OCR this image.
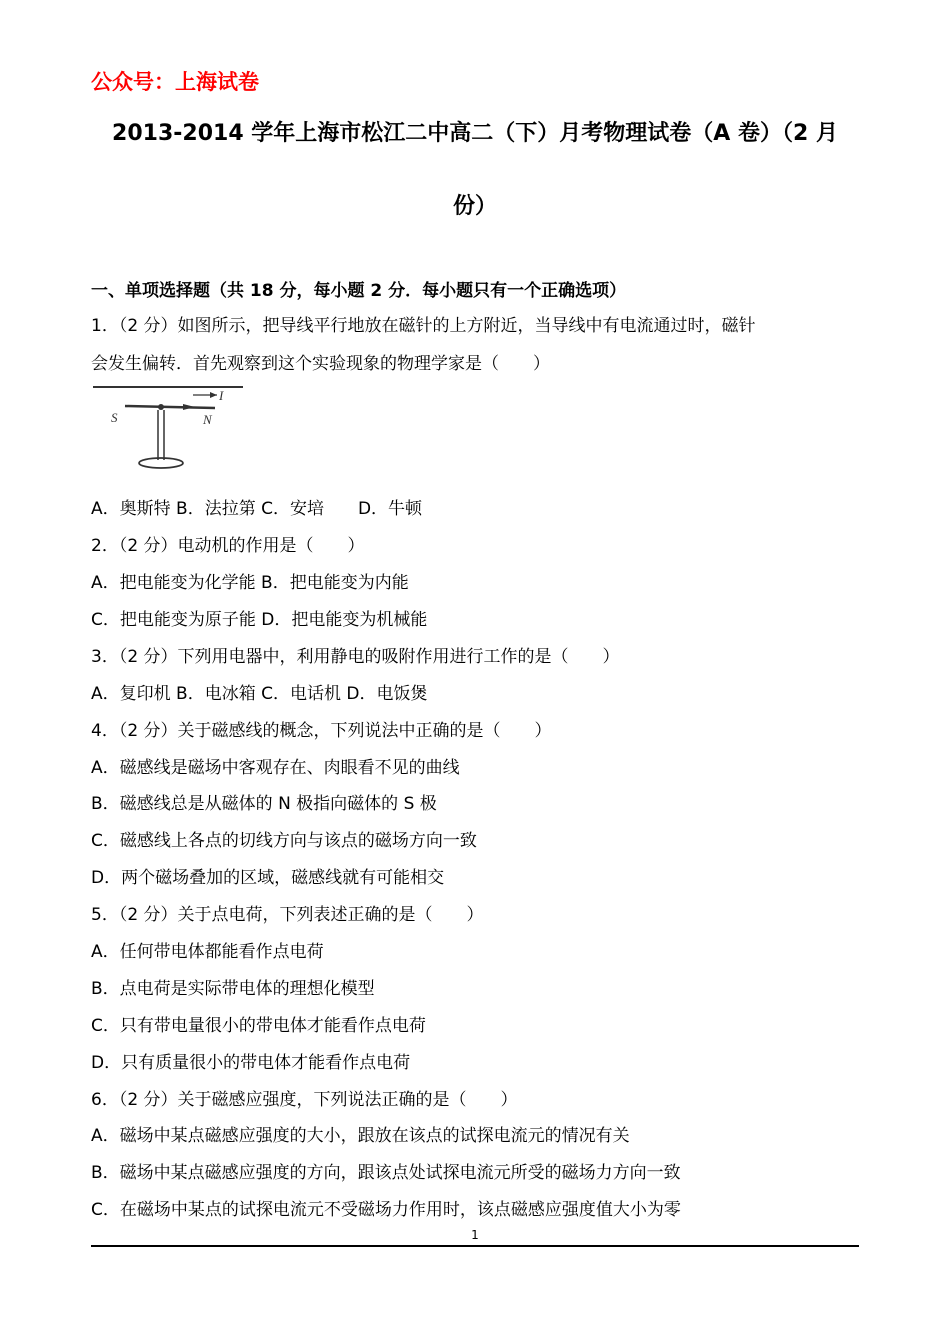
公众号：上海试卷
2013-2014 学年上海市松江二中高二（下）月考物理试卷（A 卷）（2 月
份）
一、单项选择题（共 18 分，每小题 2 分．每小题只有一个正确选项）
1．（2 分）如图所示，把导线平行地放在磁针的上方附近，当导线中有电流通过时，磁针
会发生偏转．首先观察到这个实验现象的物理学家是（　　）
I
S	N
A．奥斯特 B．法拉第 C．安培　　D．牛顿
2．（2 分）电动机的作用是（　　）
A．把电能变为化学能 B．把电能变为内能
C．把电能变为原子能 D．把电能变为机械能
3．（2 分）下列用电器中，利用静电的吸附作用进行工作的是（　　）
A．复印机 B．电冰箱 C．电话机 D．电饭煲
4．（2 分）关于磁感线的概念，下列说法中正确的是（　　）
A．磁感线是磁场中客观存在、肉眼看不见的曲线
B．磁感线总是从磁体的 N 极指向磁体的 S 极
C．磁感线上各点的切线方向与该点的磁场方向一致
D．两个磁场叠加的区域，磁感线就有可能相交
5．（2 分）关于点电荷，下列表述正确的是（　　）
A．任何带电体都能看作点电荷
B．点电荷是实际带电体的理想化模型
C．只有带电量很小的带电体才能看作点电荷
D．只有质量很小的带电体才能看作点电荷
6．（2 分）关于磁感应强度，下列说法正确的是（　　）
A．磁场中某点磁感应强度的大小，跟放在该点的试探电流元的情况有关
B．磁场中某点磁感应强度的方向，跟该点处试探电流元所受的磁场力方向一致
C．在磁场中某点的试探电流元不受磁场力作用时，该点磁感应强度值大小为零
1
